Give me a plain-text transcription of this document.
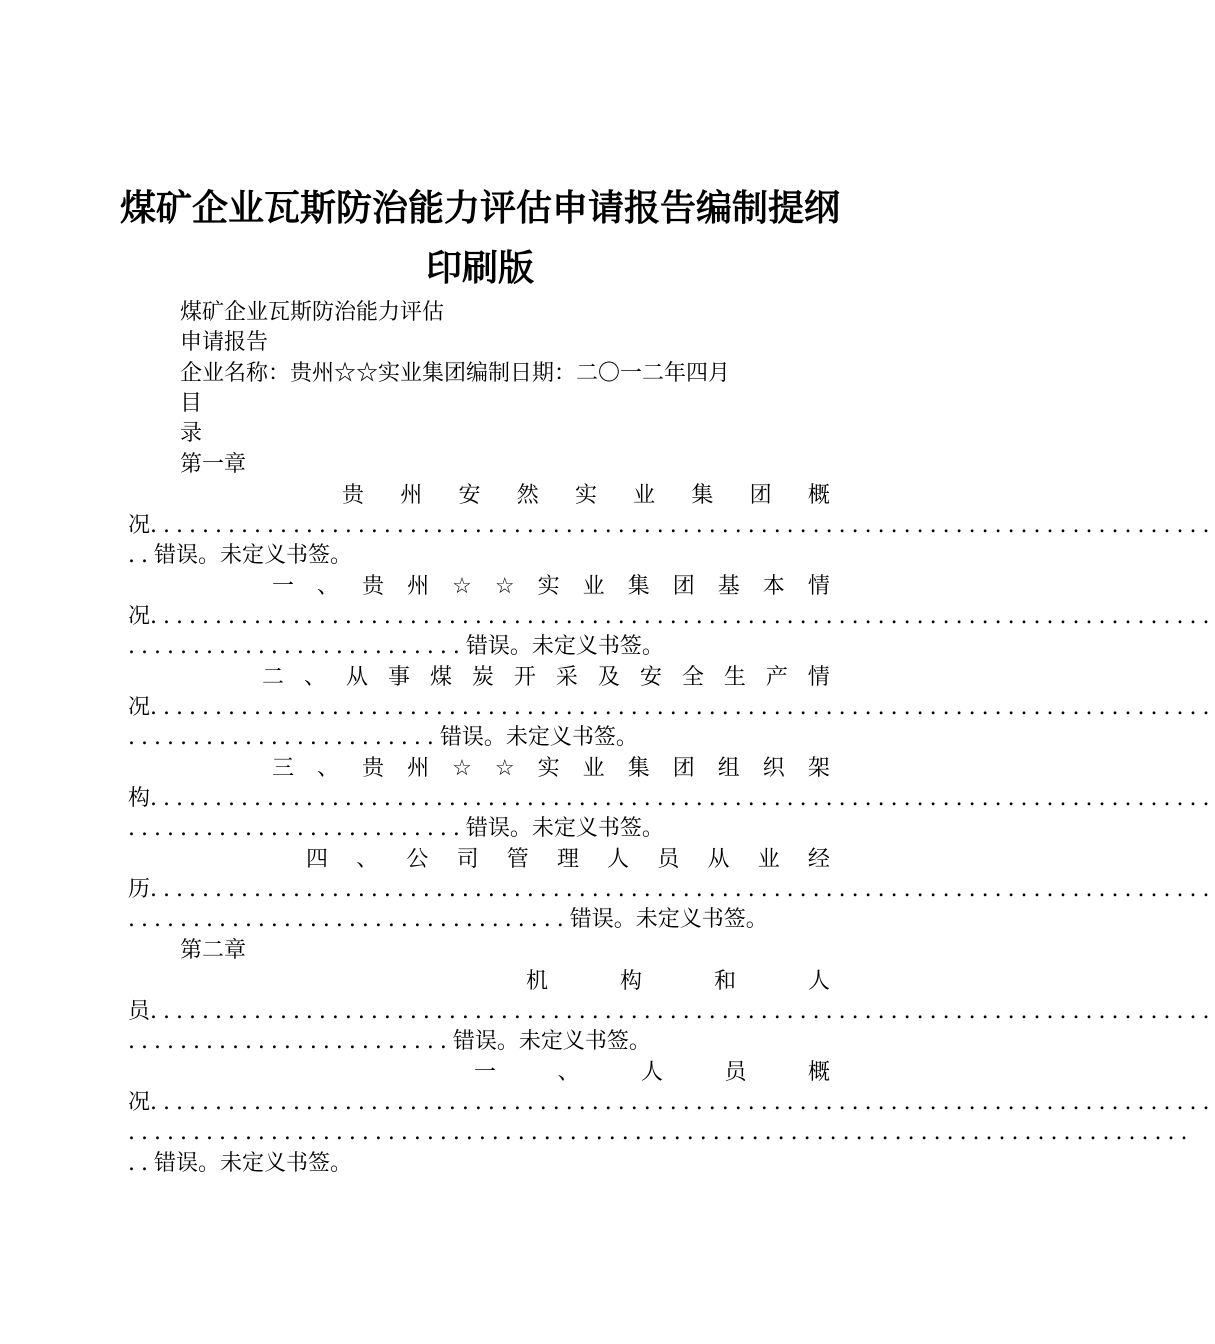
煤矿企业瓦斯防治能力评估申请报告编制提纲
印刷版
煤矿企业瓦斯防治能力评估
申请报告
企业名称：贵州☆☆实业集团编制日期：二〇一二年四月
目
录
第一章
贵 州 安 然 实 业 集 团 概
况..................................................................................
..错误。未定义书签。
一 、 贵 州 ☆ ☆ 实 业 集 团 基 本 情
况..................................................................................
..........................错误。未定义书签。
二 、 从 事 煤 炭 开 采 及 安 全 生 产 情
况..................................................................................
........................错误。未定义书签。
三 、 贵 州 ☆ ☆ 实 业 集 团 组 织 架
构..................................................................................
..........................错误。未定义书签。
四 、 公 司 管 理 人 员 从 业 经
历..................................................................................
..................................错误。未定义书签。
第二章
机	构	和	人
员..................................................................................
.........................错误。未定义书签。
一	、	人	员	概
况..................................................................................
..................................................................................
..错误。未定义书签。
